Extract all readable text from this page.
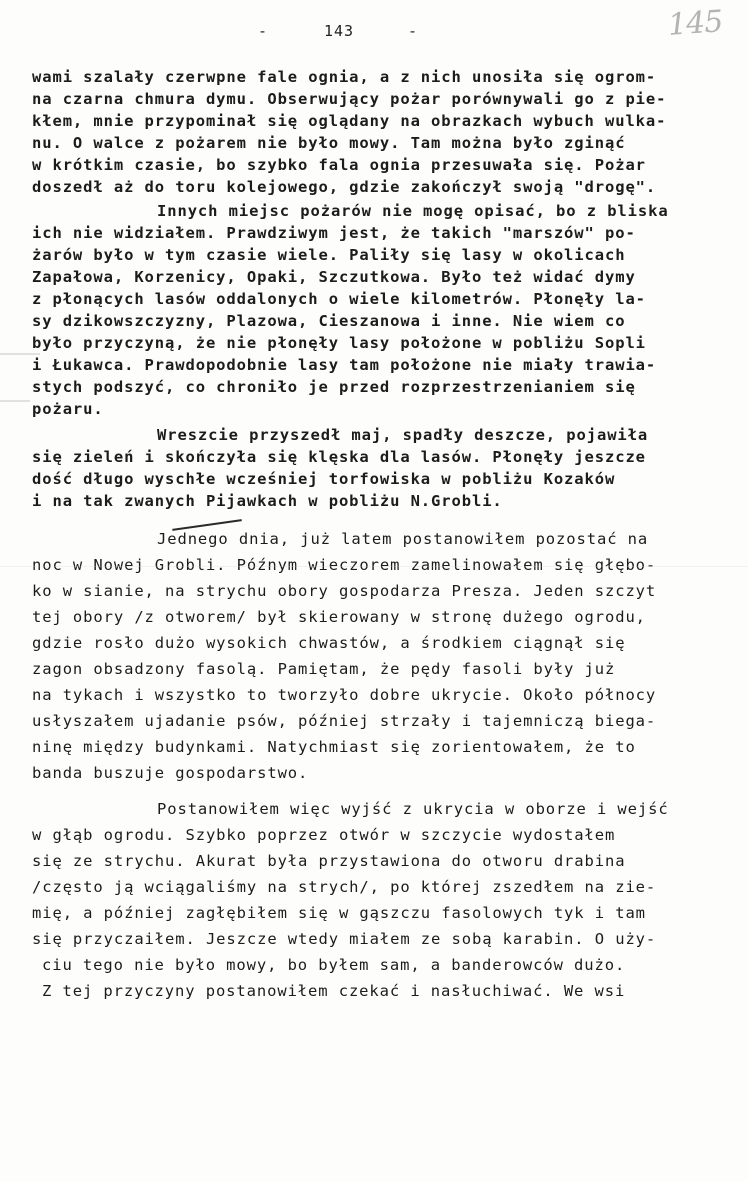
-	143	-	145
wami szalały czerwpne fale ognia, a z nich unosiła się ogrom-
na czarna chmura dymu. Obserwujący pożar porównywali go z pie-
kłem, mnie przypominał się oglądany na obrazkach wybuch wulka-
nu. O walce z pożarem nie było mowy. Tam można było zginąć
w krótkim czasie, bo szybko fala ognia przesuwała się. Pożar
doszedł aż do toru kolejowego, gdzie zakończył swoją "drogę".
Innych miejsc pożarów nie mogę opisać, bo z bliska
ich nie widziałem. Prawdziwym jest, że takich "marszów" po-
żarów było w tym czasie wiele. Paliły się lasy w okolicach
Zapałowa, Korzenicy, Opaki, Szczutkowa. Było też widać dymy
z płonących lasów oddalonych o wiele kilometrów. Płonęły la-
sy dzikowszczyzny, Plazowa, Cieszanowa i inne. Nie wiem co
było przyczyną, że nie płonęły lasy położone w pobliżu Sopli
i Łukawca. Prawdopodobnie lasy tam położone nie miały trawia-
stych podszyć, co chroniło je przed rozprzestrzenianiem się
pożaru.
Wreszcie przyszedł maj, spadły deszcze, pojawiła
się zieleń i skończyła się klęska dla lasów. Płonęły jeszcze
dość długo wyschłe wcześniej torfowiska w pobliżu Kozaków
i na tak zwanych Pijawkach w pobliżu N.Grobli.
Jednego dnia, już latem postanowiłem pozostać na
noc w Nowej Grobli. Późnym wieczorem zamelinowałem się głębo-
ko w sianie, na strychu obory gospodarza Presza. Jeden szczyt
tej obory /z otworem/ był skierowany w stronę dużego ogrodu,
gdzie rosło dużo wysokich chwastów, a środkiem ciągnął się
zagon obsadzony fasolą. Pamiętam, że pędy fasoli były już
na tykach i wszystko to tworzyło dobre ukrycie. Około północy
usłyszałem ujadanie psów, później strzały i tajemniczą biega-
ninę między budynkami. Natychmiast się zorientowałem, że to
banda buszuje gospodarstwo.
Postanowiłem więc wyjść z ukrycia w oborze i wejść
w głąb ogrodu. Szybko poprzez otwór w szczycie wydostałem
się ze strychu. Akurat była przystawiona do otworu drabina
/często ją wciągaliśmy na strych/, po której zszedłem na zie-
mię, a później zagłębiłem się w gąszczu fasolowych tyk i tam
się przyczaiłem. Jeszcze wtedy miałem ze sobą karabin. O uży-
ciu tego nie było mowy, bo byłem sam, a banderowców dużo.
Z tej przyczyny postanowiłem czekać i nasłuchiwać. We wsi
